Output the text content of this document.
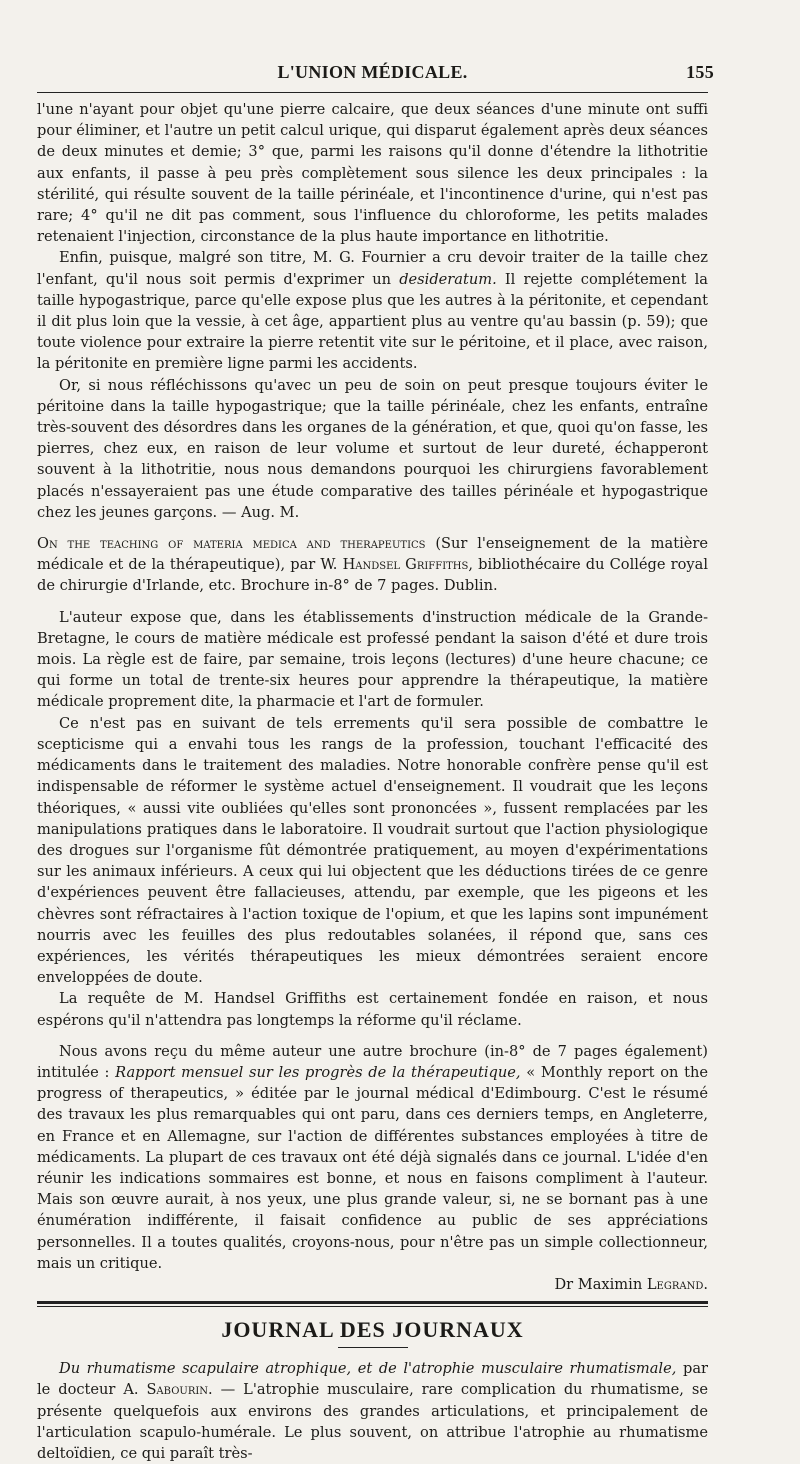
L'UNION MÉDICALE.	155

l'une n'ayant pour objet qu'une pierre calcaire, que deux séances d'une minute ont suffi pour éliminer, et l'autre un petit calcul urique, qui disparut également après deux séances de deux minutes et demie; 3° que, parmi les raisons qu'il donne d'étendre la lithotritie aux enfants, il passe à peu près complètement sous silence les deux principales : la stérilité, qui résulte souvent de la taille périnéale, et l'incontinence d'urine, qui n'est pas rare; 4° qu'il ne dit pas comment, sous l'influence du chloroforme, les petits malades retenaient l'injection, circonstance de la plus haute importance en lithotritie.

Enfin, puisque, malgré son titre, M. G. Fournier a cru devoir traiter de la taille chez l'enfant, qu'il nous soit permis d'exprimer un desideratum. Il rejette complétement la taille hypogastrique, parce qu'elle expose plus que les autres à la péritonite, et cependant il dit plus loin que la vessie, à cet âge, appartient plus au ventre qu'au bassin (p. 59); que toute violence pour extraire la pierre retentit vite sur le péritoine, et il place, avec raison, la péritonite en première ligne parmi les accidents.

Or, si nous réfléchissons qu'avec un peu de soin on peut presque toujours éviter le péritoine dans la taille hypogastrique; que la taille périnéale, chez les enfants, entraîne très-souvent des désordres dans les organes de la génération, et que, quoi qu'on fasse, les pierres, chez eux, en raison de leur volume et surtout de leur dureté, échapperont souvent à la lithotritie, nous nous demandons pourquoi les chirurgiens favorablement placés n'essayeraient pas une étude comparative des tailles périnéale et hypogastrique chez les jeunes garçons. — Aug. M.

On the teaching of materia medica and therapeutics (Sur l'enseignement de la matière médicale et de la thérapeutique), par W. Handsel Griffiths, bibliothécaire du Collége royal de chirurgie d'Irlande, etc. Brochure in-8° de 7 pages. Dublin.

L'auteur expose que, dans les établissements d'instruction médicale de la Grande-Bretagne, le cours de matière médicale est professé pendant la saison d'été et dure trois mois. La règle est de faire, par semaine, trois leçons (lectures) d'une heure chacune; ce qui forme un total de trente-six heures pour apprendre la thérapeutique, la matière médicale proprement dite, la pharmacie et l'art de formuler.

Ce n'est pas en suivant de tels errements qu'il sera possible de combattre le scepticisme qui a envahi tous les rangs de la profession, touchant l'efficacité des médicaments dans le traitement des maladies. Notre honorable confrère pense qu'il est indispensable de réformer le système actuel d'enseignement. Il voudrait que les leçons théoriques, « aussi vite oubliées qu'elles sont prononcées », fussent remplacées par les manipulations pratiques dans le laboratoire. Il voudrait surtout que l'action physiologique des drogues sur l'organisme fût démontrée pratiquement, au moyen d'expérimentations sur les animaux inférieurs. A ceux qui lui objectent que les déductions tirées de ce genre d'expériences peuvent être fallacieuses, attendu, par exemple, que les pigeons et les chèvres sont réfractaires à l'action toxique de l'opium, et que les lapins sont impunément nourris avec les feuilles des plus redoutables solanées, il répond que, sans ces expériences, les vérités thérapeutiques les mieux démontrées seraient encore enveloppées de doute.

La requête de M. Handsel Griffiths est certainement fondée en raison, et nous espérons qu'il n'attendra pas longtemps la réforme qu'il réclame.

Nous avons reçu du même auteur une autre brochure (in-8° de 7 pages également) intitulée : Rapport mensuel sur les progrès de la thérapeutique, « Monthly report on the progress of therapeutics, » éditée par le journal médical d'Edimbourg. C'est le résumé des travaux les plus remarquables qui ont paru, dans ces derniers temps, en Angleterre, en France et en Allemagne, sur l'action de différentes substances employées à titre de médicaments. La plupart de ces travaux ont été déjà signalés dans ce journal. L'idée d'en réunir les indications sommaires est bonne, et nous en faisons compliment à l'auteur. Mais son œuvre aurait, à nos yeux, une plus grande valeur, si, ne se bornant pas à une énumération indifférente, il faisait confidence au public de ses appréciations personnelles. Il a toutes qualités, croyons-nous, pour n'être pas un simple collectionneur, mais un critique.

Dr Maximin Legrand.

JOURNAL DES JOURNAUX

Du rhumatisme scapulaire atrophique, et de l'atrophie musculaire rhumatismale, par le docteur A. Sabourin. — L'atrophie musculaire, rare complication du rhumatisme, se présente quelquefois aux environs des grandes articulations, et principalement de l'articulation scapulo-humérale. Le plus souvent, on attribue l'atrophie au rhumatisme deltoïdien, ce qui paraît très-
